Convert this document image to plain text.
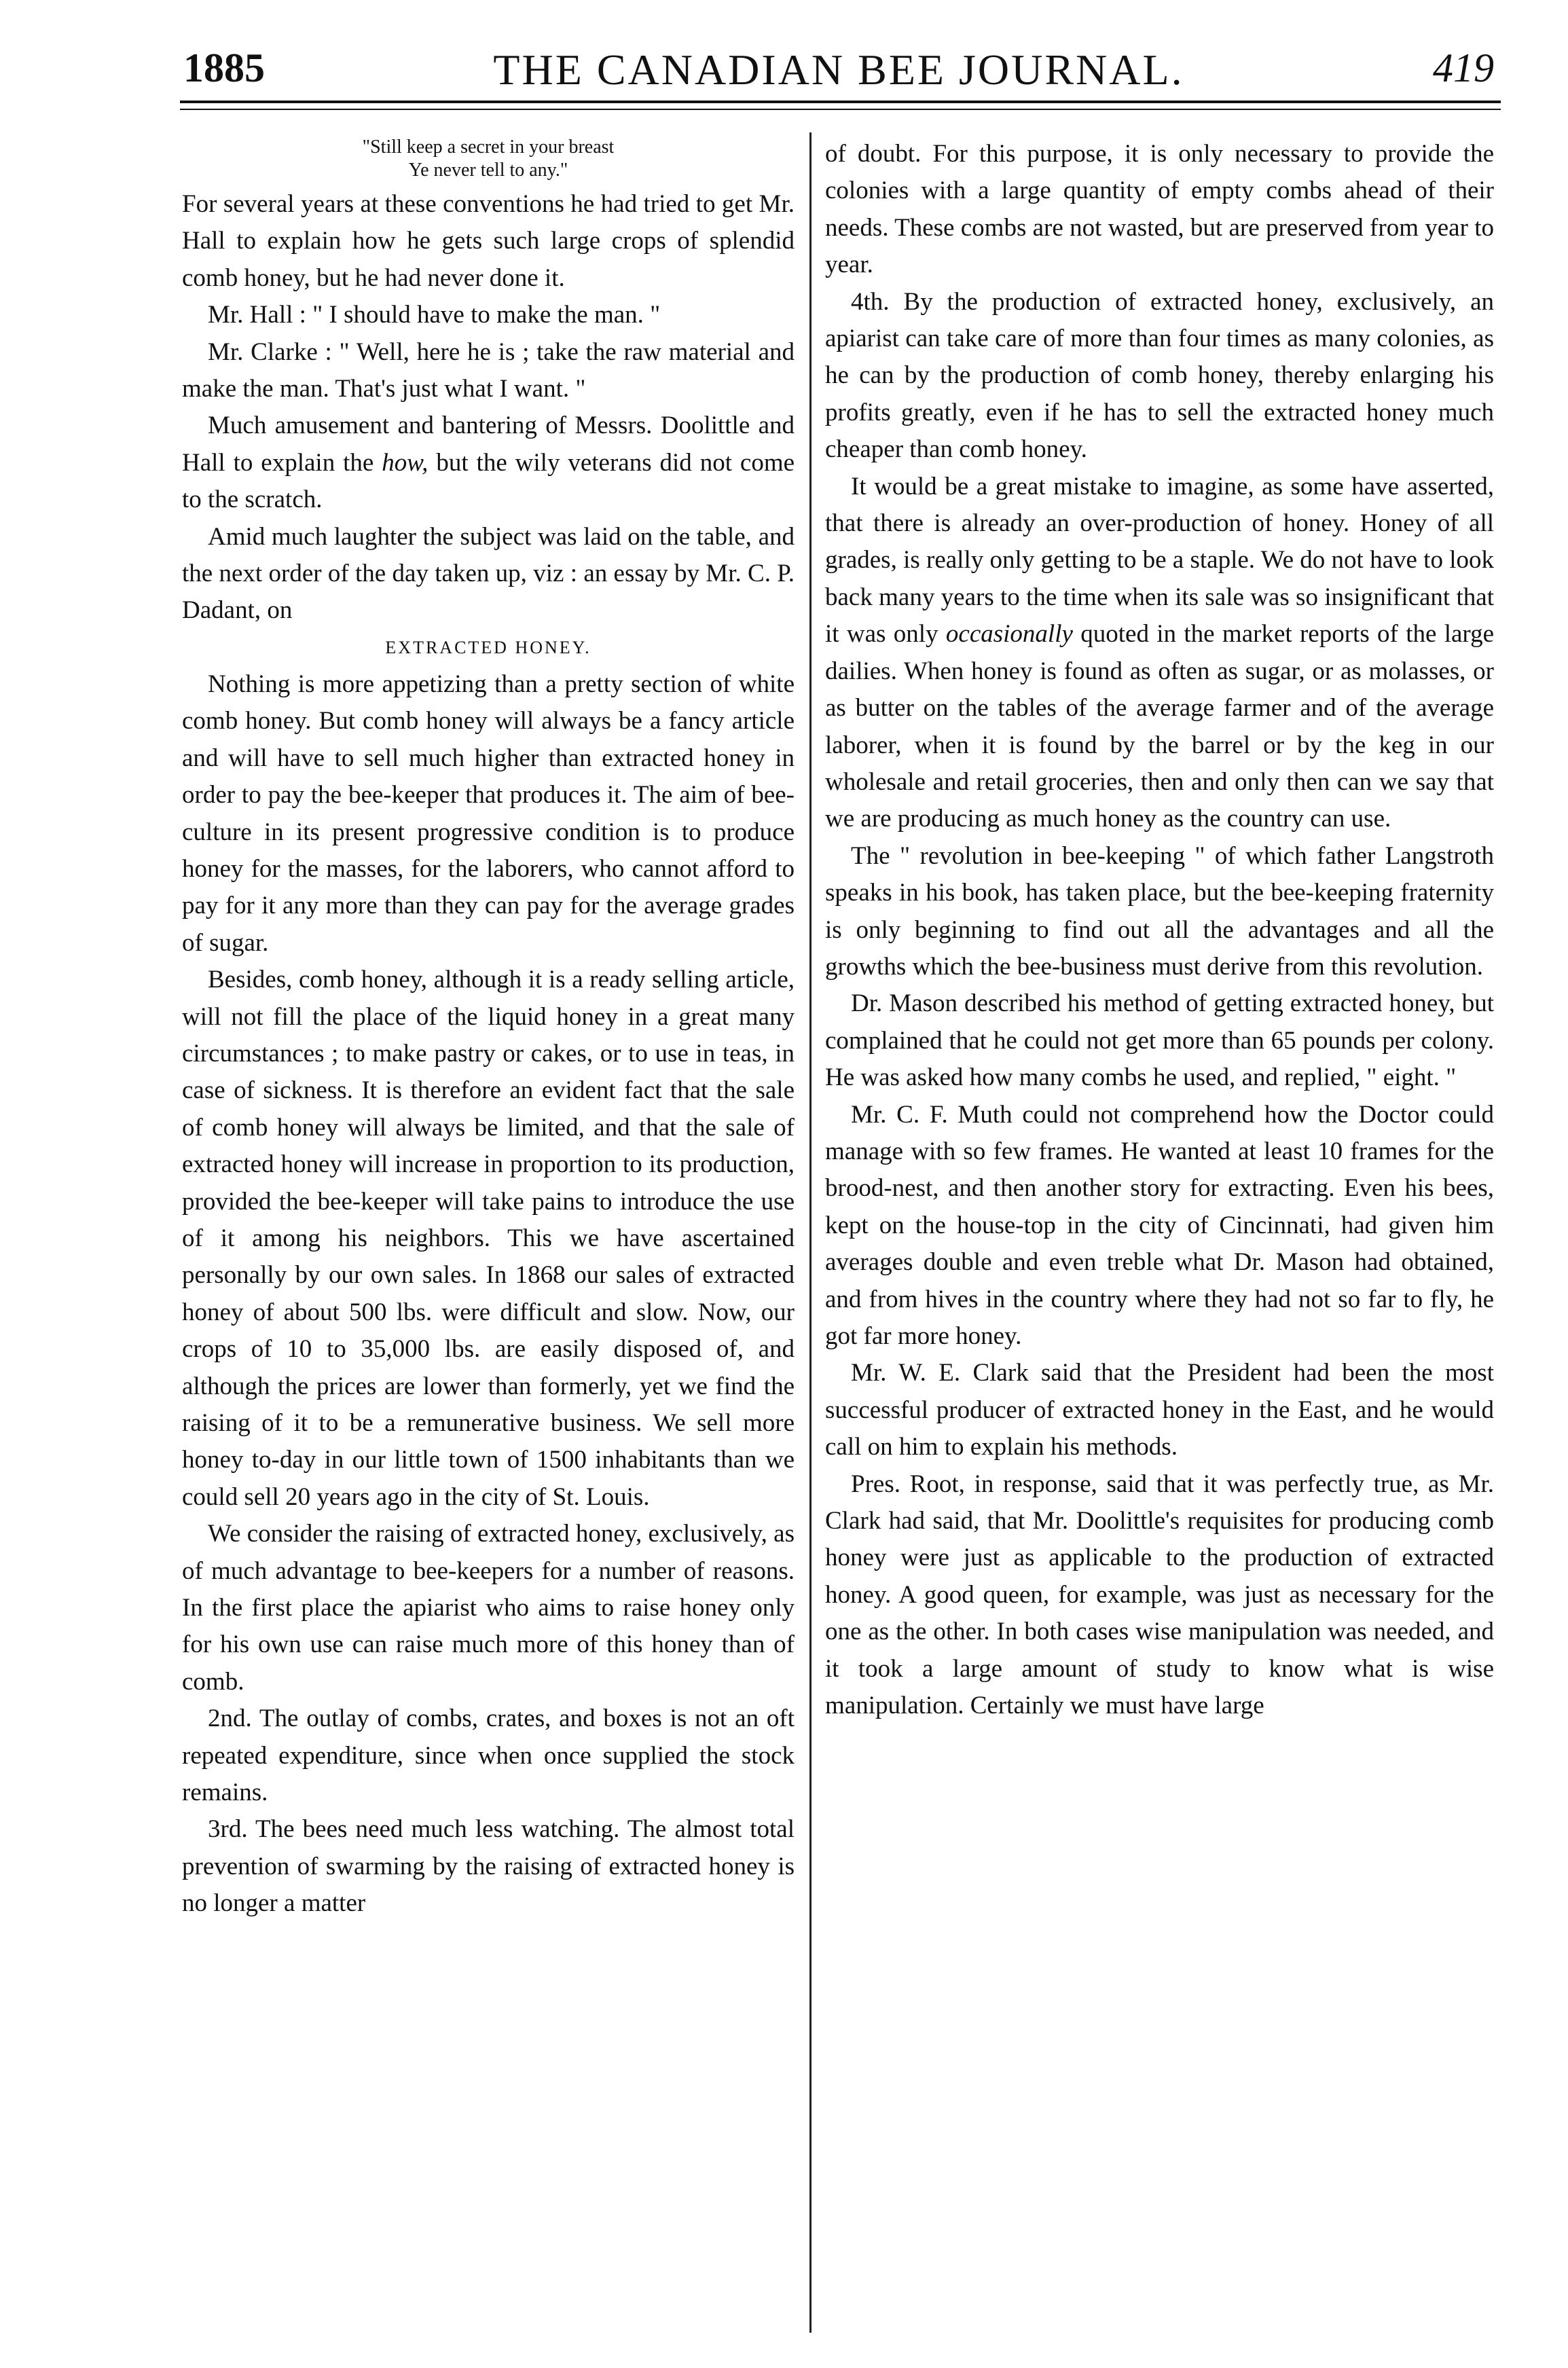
1885	THE CANADIAN BEE JOURNAL.	419
"Still keep a secret in your breast
Ye never tell to any."

For several years at these conventions he had tried to get Mr. Hall to explain how he gets such large crops of splendid comb honey, but he had never done it.

Mr. Hall : " I should have to make the man. "

Mr. Clarke : " Well, here he is ; take the raw material and make the man. That's just what I want. "

Much amusement and bantering of Messrs. Doolittle and Hall to explain the how, but the wily veterans did not come to the scratch.

Amid much laughter the subject was laid on the table, and the next order of the day taken up, viz : an essay by Mr. C. P. Dadant, on

EXTRACTED HONEY.

Nothing is more appetizing than a pretty section of white comb honey. But comb honey will always be a fancy article and will have to sell much higher than extracted honey in order to pay the bee-keeper that produces it. The aim of bee-culture in its present progressive condition is to produce honey for the masses, for the laborers, who cannot afford to pay for it any more than they can pay for the average grades of sugar.

Besides, comb honey, although it is a ready selling article, will not fill the place of the liquid honey in a great many circumstances ; to make pastry or cakes, or to use in teas, in case of sickness. It is therefore an evident fact that the sale of comb honey will always be limited, and that the sale of extracted honey will increase in proportion to its production, provided the bee-keeper will take pains to introduce the use of it among his neighbors. This we have ascertained personally by our own sales. In 1868 our sales of extracted honey of about 500 lbs. were difficult and slow. Now, our crops of 10 to 35,000 lbs. are easily disposed of, and although the prices are lower than formerly, yet we find the raising of it to be a remunerative business. We sell more honey to-day in our little town of 1500 inhabitants than we could sell 20 years ago in the city of St. Louis.

We consider the raising of extracted honey, exclusively, as of much advantage to bee-keepers for a number of reasons. In the first place the apiarist who aims to raise honey only for his own use can raise much more of this honey than of comb.

2nd. The outlay of combs, crates, and boxes is not an oft repeated expenditure, since when once supplied the stock remains.

3rd. The bees need much less watching. The almost total prevention of swarming by the raising of extracted honey is no longer a matter

of doubt. For this purpose, it is only necessary to provide the colonies with a large quantity of empty combs ahead of their needs. These combs are not wasted, but are preserved from year to year.

4th. By the production of extracted honey, exclusively, an apiarist can take care of more than four times as many colonies, as he can by the production of comb honey, thereby enlarging his profits greatly, even if he has to sell the extracted honey much cheaper than comb honey.

It would be a great mistake to imagine, as some have asserted, that there is already an over-production of honey. Honey of all grades, is really only getting to be a staple. We do not have to look back many years to the time when its sale was so insignificant that it was only occasionally quoted in the market reports of the large dailies. When honey is found as often as sugar, or as molasses, or as butter on the tables of the average farmer and of the average laborer, when it is found by the barrel or by the keg in our wholesale and retail groceries, then and only then can we say that we are producing as much honey as the country can use.

The " revolution in bee-keeping " of which father Langstroth speaks in his book, has taken place, but the bee-keeping fraternity is only beginning to find out all the advantages and all the growths which the bee-business must derive from this revolution.

Dr. Mason described his method of getting extracted honey, but complained that he could not get more than 65 pounds per colony. He was asked how many combs he used, and replied, " eight. "

Mr. C. F. Muth could not comprehend how the Doctor could manage with so few frames. He wanted at least 10 frames for the brood-nest, and then another story for extracting. Even his bees, kept on the house-top in the city of Cincinnati, had given him averages double and even treble what Dr. Mason had obtained, and from hives in the country where they had not so far to fly, he got far more honey.

Mr. W. E. Clark said that the President had been the most successful producer of extracted honey in the East, and he would call on him to explain his methods.

Pres. Root, in response, said that it was perfectly true, as Mr. Clark had said, that Mr. Doolittle's requisites for producing comb honey were just as applicable to the production of extracted honey. A good queen, for example, was just as necessary for the one as the other. In both cases wise manipulation was needed, and it took a large amount of study to know what is wise manipulation. Certainly we must have large
